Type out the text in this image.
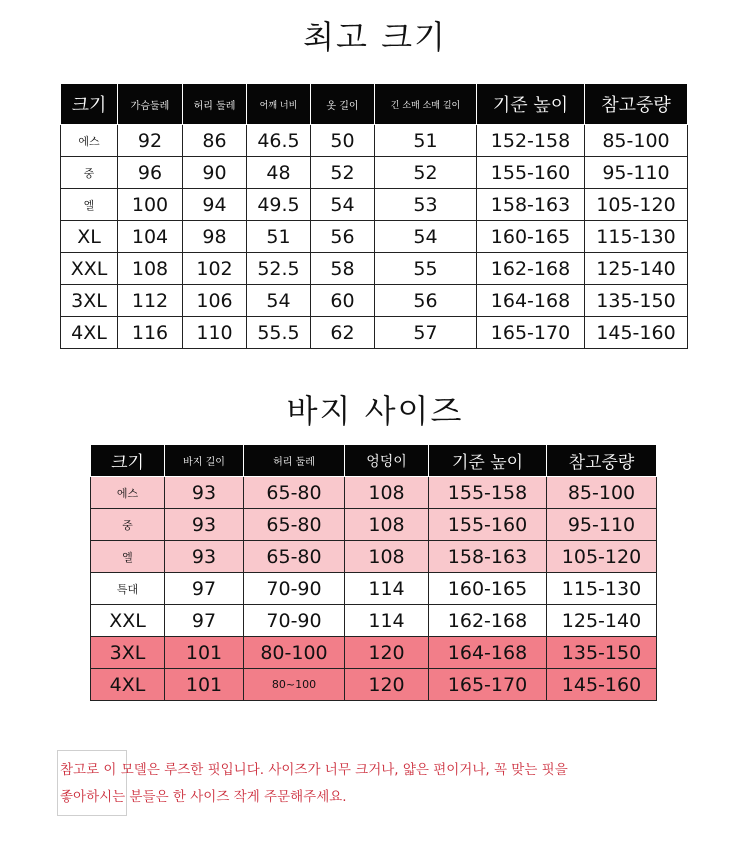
최고 크기
크기	가슴둘레	허리 둘레	어깨 너비	옷 길이	긴 소매 소매 길이	기준 높이	참고중량
에스	92	86	46.5	50	51	152-158	85-100
중	96	90	48	52	52	155-160	95-110
엘	100	94	49.5	54	53	158-163	105-120
XL	104	98	51	56	54	160-165	115-130
XXL	108	102	52.5	58	55	162-168	125-140
3XL	112	106	54	60	56	164-168	135-150
4XL	116	110	55.5	62	57	165-170	145-160
바지 사이즈
크기	바지 길이	허리 둘레	엉덩이	기준 높이	참고중량
에스	93	65-80	108	155-158	85-100
중	93	65-80	108	155-160	95-110
엘	93	65-80	108	158-163	105-120
특대	97	70-90	114	160-165	115-130
XXL	97	70-90	114	162-168	125-140
3XL	101	80-100	120	164-168	135-150
4XL	101	80~100	120	165-170	145-160
참고로 이 모델은 루즈한 핏입니다. 사이즈가 너무 크거나, 얇은 편이거나, 꼭 맞는 핏을
좋아하시는 분들은 한 사이즈 작게 주문해주세요.
